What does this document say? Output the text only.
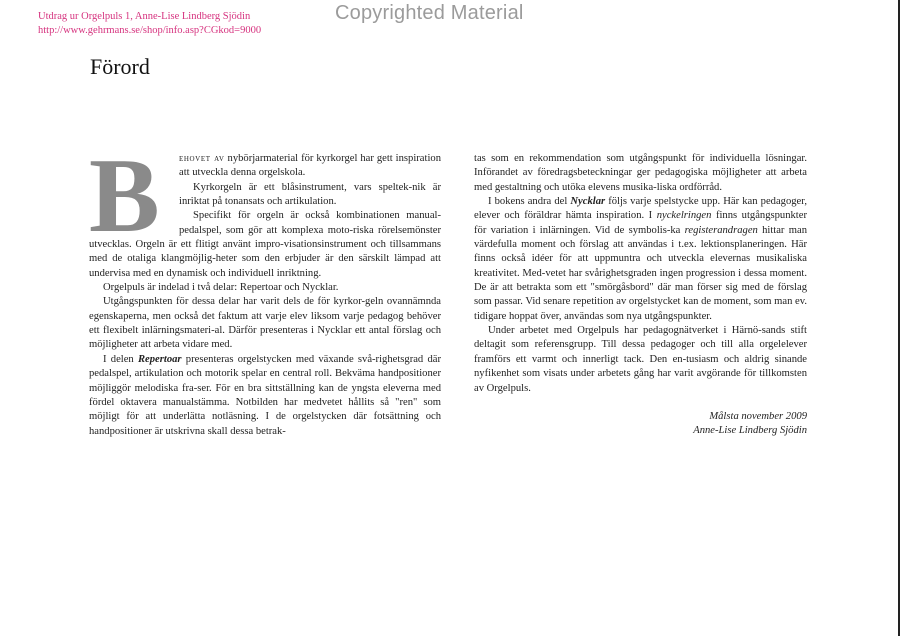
Utdrag ur Orgelpuls 1, Anne-Lise Lindberg Sjödin
http://www.gehrmans.se/shop/info.asp?CGkod=9000
Copyrighted Material
Förord

B	ehovet av nybörjarmaterial för kyrkorgel har gett inspiration att utveckla denna orgelskola.

Kyrkorgeln är ett blåsinstrument, vars speltek-nik är inriktat på tonansats och artikulation.

Specifikt för orgeln är också kombinationen manual-pedalspel, som gör att komplexa moto-riska rörelsemönster utvecklas. Orgeln är ett flitigt använt impro-visationsinstrument och tillsammans med de otaliga klangmöjlig-heter som den erbjuder är den särskilt lämpad att undervisa med en dynamisk och individuell inriktning.

Orgelpuls är indelad i två delar: Repertoar och Nycklar.

Utgångspunkten för dessa delar har varit dels de för kyrkor-geln ovannämnda egenskaperna, men också det faktum att varje elev liksom varje pedagog behöver ett flexibelt inlärningsmateri-al. Därför presenteras i Nycklar ett antal förslag och möjligheter att arbeta vidare med.

I delen Repertoar presenteras orgelstycken med växande svå-righetsgrad där pedalspel, artikulation och motorik spelar en central roll. Bekväma handpositioner möjliggör melodiska fra-ser. För en bra sittställning kan de yngsta eleverna med fördel oktavera manualstämma. Notbilden har medvetet hållits så "ren" som möjligt för att underlätta notläsning. I de orgelstycken där fotsättning och handpositioner är utskrivna skall dessa betrak-

tas som en rekommendation som utgångspunkt för individuella lösningar. Införandet av föredragsbeteckningar ger pedagogiska möjligheter att arbeta med gestaltning och utöka elevens musika-liska ordförråd.

I bokens andra del Nycklar följs varje spelstycke upp. Här kan pedagoger, elever och föräldrar hämta inspiration. I nyckelringen finns utgångspunkter för variation i inlärningen. Vid de symbolis-ka registerandragen hittar man värdefulla moment och förslag att användas i t.ex. lektionsplaneringen. Här finns också idéer för att uppmuntra och utveckla elevernas musikaliska kreativitet. Med-vetet har svårighetsgraden ingen progression i dessa moment. De är att betrakta som ett "smörgåsbord" där man förser sig med de förslag som passar. Vid senare repetition av orgelstycket kan de moment, som man ev. tidigare hoppat över, användas som nya utgångspunkter.

Under arbetet med Orgelpuls har pedagognätverket i Härnö-sands stift deltagit som referensgrupp. Till dessa pedagoger och till alla orgelelever framförs ett varmt och innerligt tack. Den en-tusiasm och aldrig sinande nyfikenhet som visats under arbetets gång har varit avgörande för tillkomsten av Orgelpuls.

Målsta november 2009
Anne-Lise Lindberg Sjödin
